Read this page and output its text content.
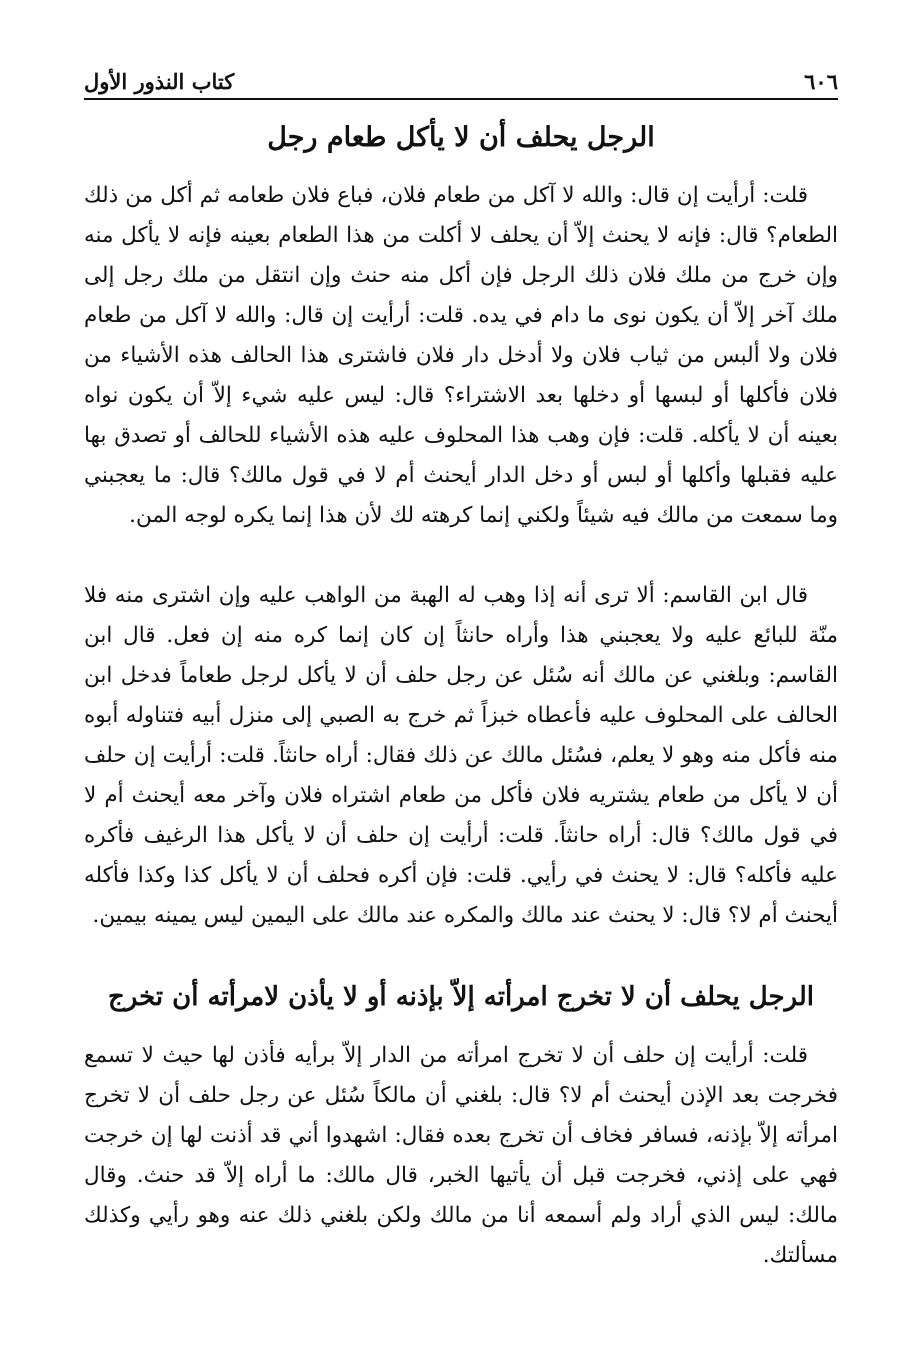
٦٠٦
كتاب النذور الأول
الرجل يحلف أن لا يأكل طعام رجل

قلت: أرأيت إن قال: والله لا آكل من طعام فلان، فباع فلان طعامه ثم أكل من ذلك الطعام؟ قال: فإنه لا يحنث إلاّ أن يحلف لا أكلت من هذا الطعام بعينه فإنه لا يأكل منه وإن خرج من ملك فلان ذلك الرجل فإن أكل منه حنث وإن انتقل من ملك رجل إلى ملك آخر إلاّ أن يكون نوى ما دام في يده. قلت: أرأيت إن قال: والله لا آكل من طعام فلان ولا ألبس من ثياب فلان ولا أدخل دار فلان فاشترى هذا الحالف هذه الأشياء من فلان فأكلها أو لبسها أو دخلها بعد الاشتراء؟ قال: ليس عليه شيء إلاّ أن يكون نواه بعينه أن لا يأكله. قلت: فإن وهب هذا المحلوف عليه هذه الأشياء للحالف أو تصدق بها عليه فقبلها وأكلها أو لبس أو دخل الدار أيحنث أم لا في قول مالك؟ قال: ما يعجبني وما سمعت من مالك فيه شيئاً ولكني إنما كرهته لك لأن هذا إنما يكره لوجه المن.

قال ابن القاسم: ألا ترى أنه إذا وهب له الهبة من الواهب عليه وإن اشترى منه فلا منّة للبائع عليه ولا يعجبني هذا وأراه حانثاً إن كان إنما كره منه إن فعل. قال ابن القاسم: وبلغني عن مالك أنه سُئل عن رجل حلف أن لا يأكل لرجل طعاماً فدخل ابن الحالف على المحلوف عليه فأعطاه خبزاً ثم خرج به الصبي إلى منزل أبيه فتناوله أبوه منه فأكل منه وهو لا يعلم، فسُئل مالك عن ذلك فقال: أراه حانثاً. قلت: أرأيت إن حلف أن لا يأكل من طعام يشتريه فلان فأكل من طعام اشتراه فلان وآخر معه أيحنث أم لا في قول مالك؟ قال: أراه حانثاً. قلت: أرأيت إن حلف أن لا يأكل هذا الرغيف فأكره عليه فأكله؟ قال: لا يحنث في رأيي. قلت: فإن أكره فحلف أن لا يأكل كذا وكذا فأكله أيحنث أم لا؟ قال: لا يحنث عند مالك والمكره عند مالك على اليمين ليس يمينه بيمين.

الرجل يحلف أن لا تخرج امرأته إلاّ بإذنه أو لا يأذن لامرأته أن تخرج

قلت: أرأيت إن حلف أن لا تخرج امرأته من الدار إلاّ برأيه فأذن لها حيث لا تسمع فخرجت بعد الإذن أيحنث أم لا؟ قال: بلغني أن مالكاً سُئل عن رجل حلف أن لا تخرج امرأته إلاّ بإذنه، فسافر فخاف أن تخرج بعده فقال: اشهدوا أني قد أذنت لها إن خرجت فهي على إذني، فخرجت قبل أن يأتيها الخبر، قال مالك: ما أراه إلاّ قد حنث. وقال مالك: ليس الذي أراد ولم أسمعه أنا من مالك ولكن بلغني ذلك عنه وهو رأيي وكذلك مسألتك.
